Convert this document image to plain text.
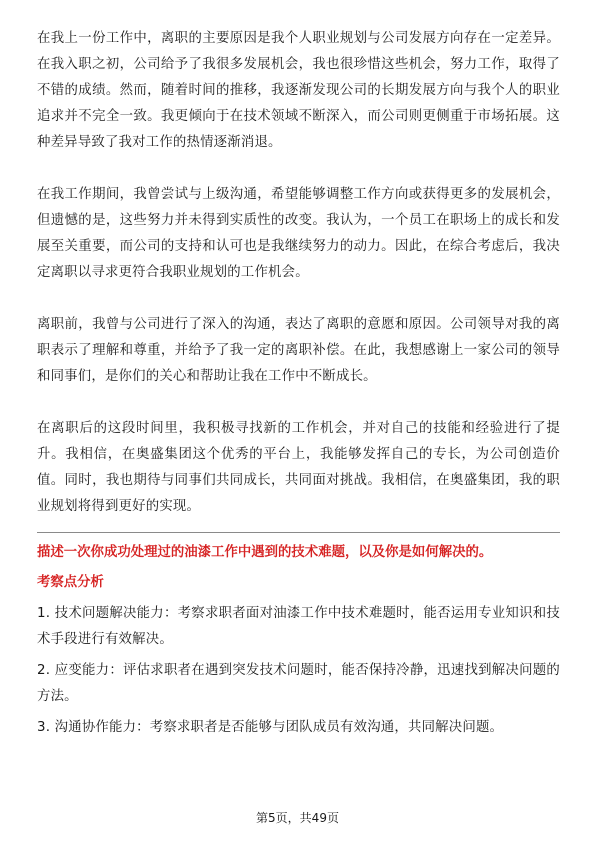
在我上一份工作中，离职的主要原因是我个人职业规划与公司发展方向存在一定差异。在我入职之初，公司给予了我很多发展机会，我也很珍惜这些机会，努力工作，取得了不错的成绩。然而，随着时间的推移，我逐渐发现公司的长期发展方向与我个人的职业追求并不完全一致。我更倾向于在技术领域不断深入，而公司则更侧重于市场拓展。这种差异导致了我对工作的热情逐渐消退。

在我工作期间，我曾尝试与上级沟通，希望能够调整工作方向或获得更多的发展机会，但遗憾的是，这些努力并未得到实质性的改变。我认为，一个员工在职场上的成长和发展至关重要，而公司的支持和认可也是我继续努力的动力。因此，在综合考虑后，我决定离职以寻求更符合我职业规划的工作机会。

离职前，我曾与公司进行了深入的沟通，表达了离职的意愿和原因。公司领导对我的离职表示了理解和尊重，并给予了我一定的离职补偿。在此，我想感谢上一家公司的领导和同事们，是你们的关心和帮助让我在工作中不断成长。

在离职后的这段时间里，我积极寻找新的工作机会，并对自己的技能和经验进行了提升。我相信，在奥盛集团这个优秀的平台上，我能够发挥自己的专长，为公司创造价值。同时，我也期待与同事们共同成长，共同面对挑战。我相信，在奥盛集团，我的职业规划将得到更好的实现。

描述一次你成功处理过的油漆工作中遇到的技术难题，以及你是如何解决的。
考察点分析

1. 技术问题解决能力：考察求职者面对油漆工作中技术难题时，能否运用专业知识和技术手段进行有效解决。

2. 应变能力：评估求职者在遇到突发技术问题时，能否保持冷静，迅速找到解决问题的方法。

3. 沟通协作能力：考察求职者是否能够与团队成员有效沟通，共同解决问题。

第5页，共49页
